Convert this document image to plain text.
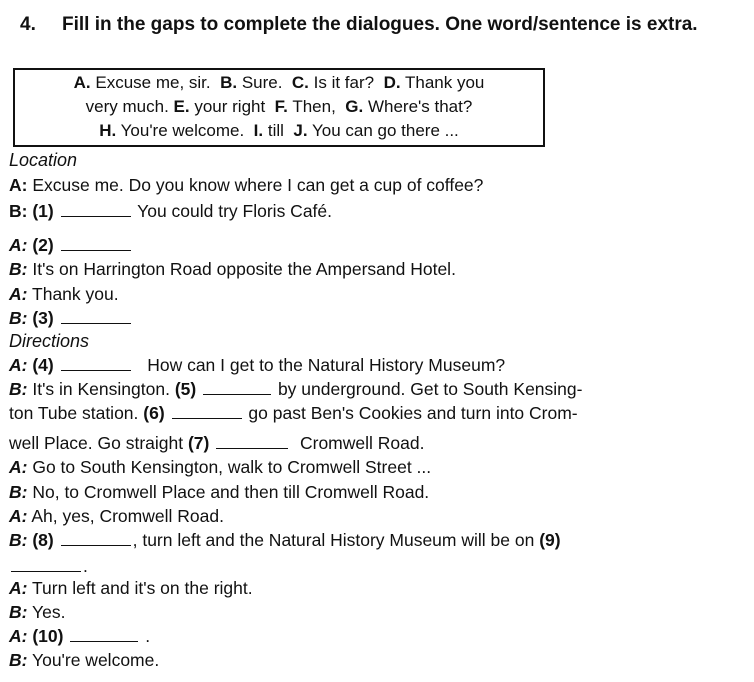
4.	Fill in the gaps to complete the dialogues. One word/sentence is extra.
A. Excuse me, sir. B. Sure. C. Is it far? D. Thank you
very much. E. your right F. Then, G. Where's that?
H. You're welcome. I. till J. You can go there ...
Location
A: Excuse me. Do you know where I can get a cup of coffee?
B: (1)	You could try Floris Café.
A: (2)
B: It's on Harrington Road opposite the Ampersand Hotel.
A: Thank you.
B: (3)
Directions
A: (4)	How can I get to the Natural History Museum?
B: It's in Kensington. (5)	by underground. Get to South Kensing-
ton Tube station. (6)	go past Ben's Cookies and turn into Crom-
well Place. Go straight (7)	Cromwell Road.
A: Go to South Kensington, walk to Cromwell Street ...
B: No, to Cromwell Place and then till Cromwell Road.
A: Ah, yes, Cromwell Road.
B: (8)	, turn left and the Natural History Museum will be on (9)
.
A: Turn left and it's on the right.
B: Yes.
A: (10)	.
B: You're welcome.
